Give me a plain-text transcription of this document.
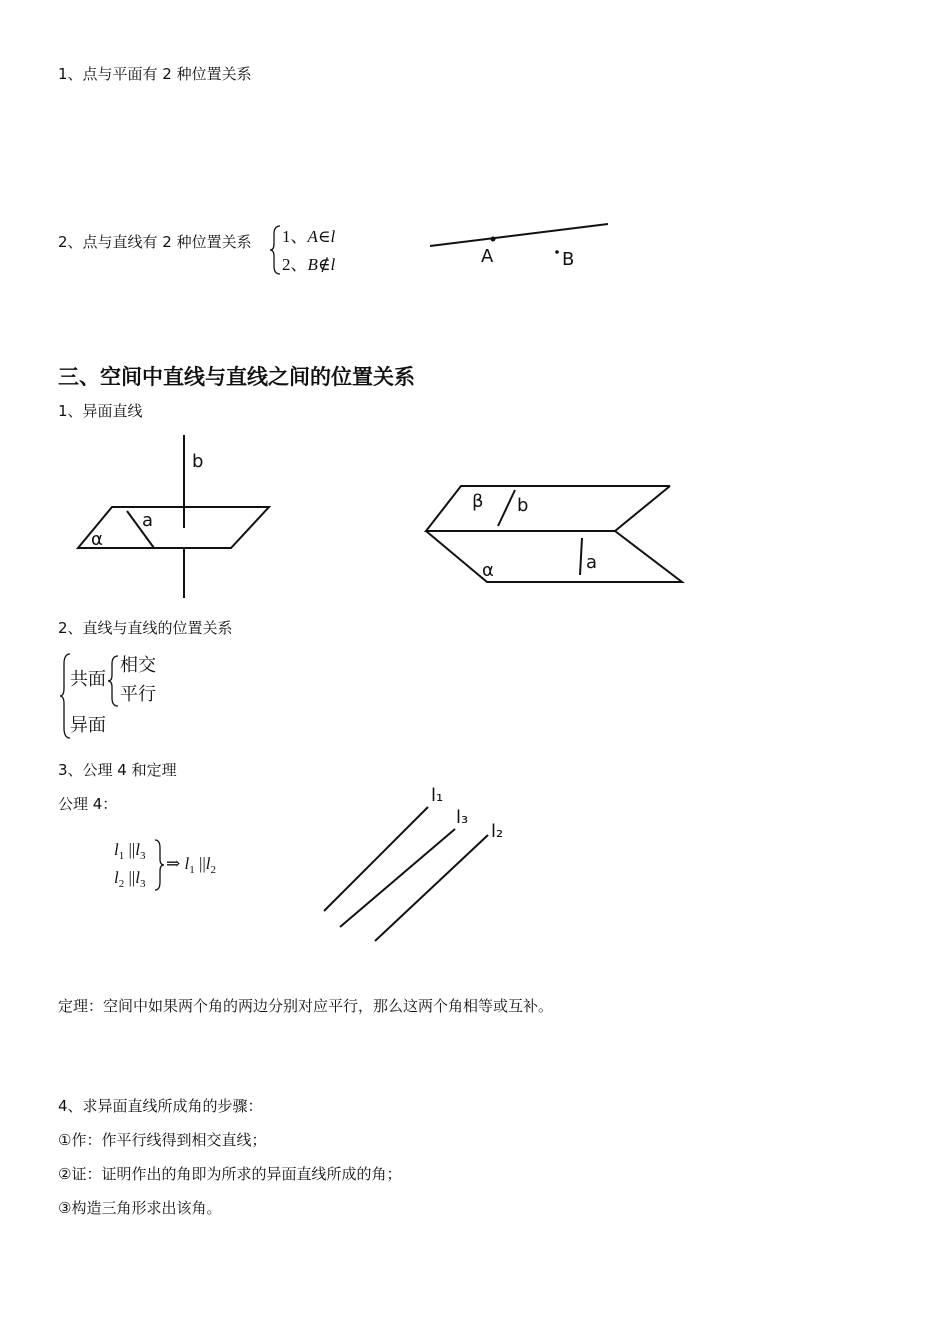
1、点与平面有 2 种位置关系
2、点与直线有 2 种位置关系 1、A∈l
2、B∉l	A	B
三、空间中直线与直线之间的位置关系
1、异面直线
b
a
α
β b
α	a
2、直线与直线的位置关系
共面
相交
平行
异面
3、公理 4 和定理
公理 4：
$l_1$ $||l_3$
$l_2$ $||l_3$
⇒ $l_1$ $||l_2$
l₁
l₃
l₂
定理：空间中如果两个角的两边分别对应平行，那么这两个角相等或互补。
4、求异面直线所成角的步骤：
①作：作平行线得到相交直线；
②证：证明作出的角即为所求的异面直线所成的角；
③构造三角形求出该角。
